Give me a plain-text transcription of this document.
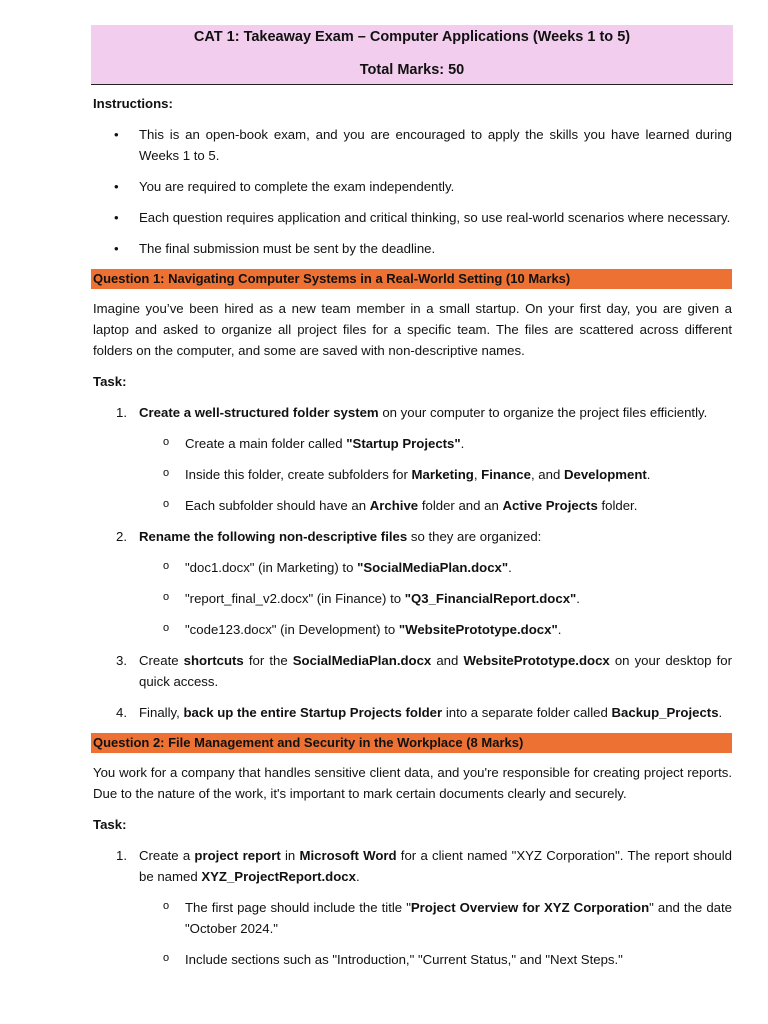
CAT 1: Takeaway Exam – Computer Applications (Weeks 1 to 5)
Total Marks: 50

Instructions:

• This is an open-book exam, and you are encouraged to apply the skills you have learned during Weeks 1 to 5.
• You are required to complete the exam independently.
• Each question requires application and critical thinking, so use real-world scenarios where necessary.
• The final submission must be sent by the deadline.
Question 1: Navigating Computer Systems in a Real-World Setting (10 Marks)

Imagine you’ve been hired as a new team member in a small startup. On your first day, you are given a laptop and asked to organize all project files for a specific team. The files are scattered across different folders on the computer, and some are saved with non-descriptive names.

Task:

1. Create a well-structured folder system on your computer to organize the project files efficiently.

o Create a main folder called "Startup Projects".
o Inside this folder, create subfolders for Marketing, Finance, and Development.
o Each subfolder should have an Archive folder and an Active Projects folder.
2. Rename the following non-descriptive files so they are organized:

o "doc1.docx" (in Marketing) to "SocialMediaPlan.docx".
o "report_final_v2.docx" (in Finance) to "Q3_FinancialReport.docx".
o "code123.docx" (in Development) to "WebsitePrototype.docx".
3. Create shortcuts for the SocialMediaPlan.docx and WebsitePrototype.docx on your desktop for quick access.

4. Finally, back up the entire Startup Projects folder into a separate folder called Backup_Projects.

Question 2: File Management and Security in the Workplace (8 Marks)

You work for a company that handles sensitive client data, and you're responsible for creating project reports. Due to the nature of the work, it's important to mark certain documents clearly and securely.

Task:

1. Create a project report in Microsoft Word for a client named "XYZ Corporation". The report should be named XYZ_ProjectReport.docx.

o The first page should include the title "Project Overview for XYZ Corporation" and the date "October 2024."
o Include sections such as "Introduction," "Current Status," and "Next Steps."
